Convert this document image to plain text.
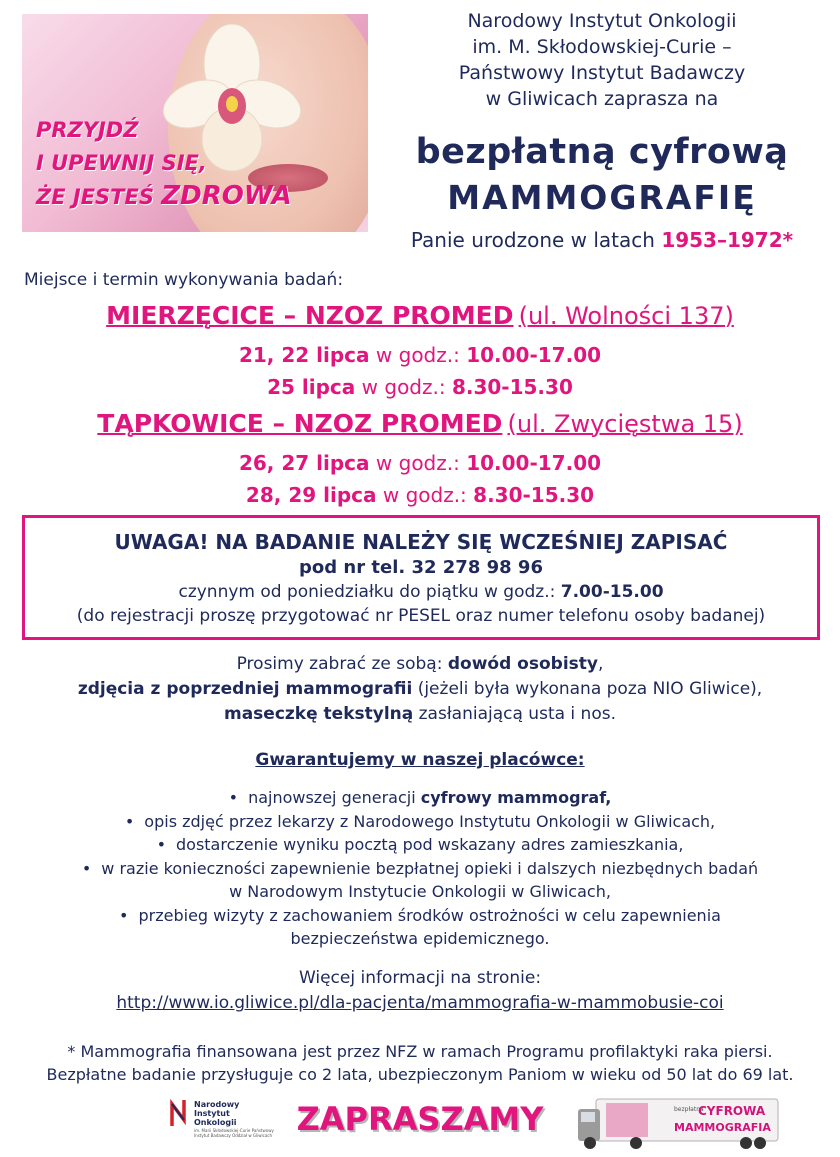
PRZYJDŹ
I UPEWNIJ SIĘ,
ŻE JESTEŚ ZDROWA
Narodowy Instytut Onkologii
im. M. Skłodowskiej-Curie –
Państwowy Instytut Badawczy
w Gliwicach zaprasza na
bezpłatną cyfrową
MAMMOGRAFIĘ
Panie urodzone w latach 1953–1972*
Miejsce i termin wykonywania badań:
MIERZĘCICE – NZOZ PROMED (ul. Wolności 137)
21, 22 lipca w godz.: 10.00-17.00
25 lipca w godz.: 8.30-15.30
TĄPKOWICE – NZOZ PROMED (ul. Zwycięstwa 15)
26, 27 lipca w godz.: 10.00-17.00
28, 29 lipca w godz.: 8.30-15.30
UWAGA! NA BADANIE NALEŻY SIĘ WCZEŚNIEJ ZAPISAĆ
pod nr tel. 32 278 98 96
czynnym od poniedziałku do piątku w godz.: 7.00-15.00
(do rejestracji proszę przygotować nr PESEL oraz numer telefonu osoby badanej)
Prosimy zabrać ze sobą: dowód osobisty,
zdjęcia z poprzedniej mammografii (jeżeli była wykonana poza NIO Gliwice),
maseczkę tekstylną zasłaniającą usta i nos.
Gwarantujemy w naszej placówce:
• najnowszej generacji cyfrowy mammograf,
• opis zdjęć przez lekarzy z Narodowego Instytutu Onkologii w Gliwicach,
• dostarczenie wyniku pocztą pod wskazany adres zamieszkania,
• w razie konieczności zapewnienie bezpłatnej opieki i dalszych niezbędnych badań
w Narodowym Instytucie Onkologii w Gliwicach,
• przebieg wizyty z zachowaniem środków ostrożności w celu zapewnienia
bezpieczeństwa epidemicznego.
Więcej informacji na stronie:
http://www.io.gliwice.pl/dla-pacjenta/mammografia-w-mammobusie-coi
* Mammografia finansowana jest przez NFZ w ramach Programu profilaktyki raka piersi.
Bezpłatne badanie przysługuje co 2 lata, ubezpieczonym Paniom w wieku od 50 lat do 69 lat.
Narodowy
Instytut
Onkologii
im. Marii Skłodowskiej-Curie Państwowy Instytut Badawczy Oddział w Gliwicach ZAPRASZAMY	bezpłatna
CYFROWA
MAMMOGRAFIA
